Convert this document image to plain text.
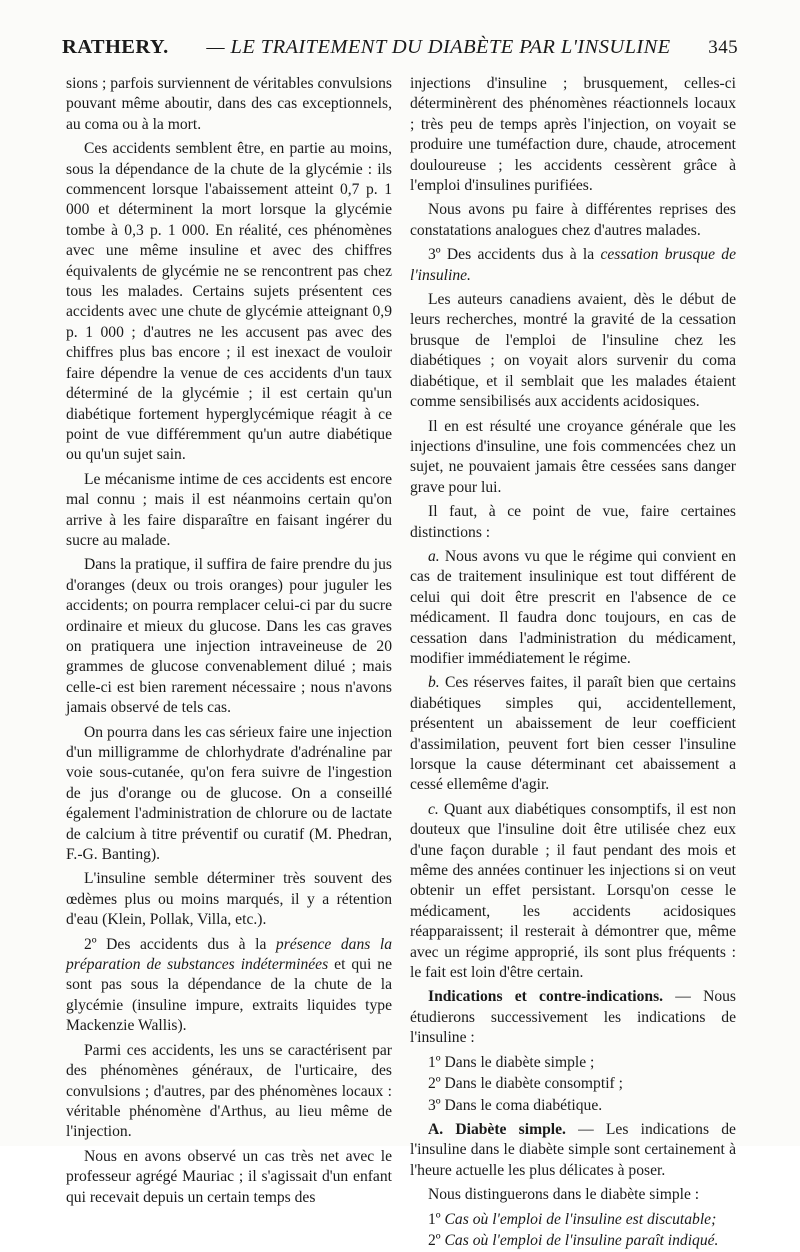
RATHERY.	— LE TRAITEMENT DU DIABÈTE PAR L'INSULINE	345

sions ; parfois surviennent de véritables convulsions pouvant même aboutir, dans des cas exceptionnels, au coma ou à la mort.

Ces accidents semblent être, en partie au moins, sous la dépendance de la chute de la glycémie : ils commencent lorsque l'abaissement atteint 0,7 p. 1 000 et déterminent la mort lorsque la glycémie tombe à 0,3 p. 1 000. En réalité, ces phénomènes avec une même insuline et avec des chiffres équivalents de glycémie ne se rencontrent pas chez tous les malades. Certains sujets présentent ces accidents avec une chute de glycémie atteignant 0,9 p. 1 000 ; d'autres ne les accusent pas avec des chiffres plus bas encore ; il est inexact de vouloir faire dépendre la venue de ces accidents d'un taux déterminé de la glycémie ; il est certain qu'un diabétique fortement hyperglycémique réagit à ce point de vue différemment qu'un autre diabétique ou qu'un sujet sain.

Le mécanisme intime de ces accidents est encore mal connu ; mais il est néanmoins certain qu'on arrive à les faire disparaître en faisant ingérer du sucre au malade.

Dans la pratique, il suffira de faire prendre du jus d'oranges (deux ou trois oranges) pour juguler les accidents; on pourra remplacer celui-ci par du sucre ordinaire et mieux du glucose. Dans les cas graves on pratiquera une injection intraveineuse de 20 grammes de glucose convenablement dilué ; mais celle-ci est bien rarement nécessaire ; nous n'avons jamais observé de tels cas.

On pourra dans les cas sérieux faire une injection d'un milligramme de chlorhydrate d'adrénaline par voie sous-cutanée, qu'on fera suivre de l'ingestion de jus d'orange ou de glucose. On a conseillé également l'administration de chlorure ou de lactate de calcium à titre préventif ou curatif (M. Phedran, F.-G. Banting).

L'insuline semble déterminer très souvent des œdèmes plus ou moins marqués, il y a rétention d'eau (Klein, Pollak, Villa, etc.).

2º Des accidents dus à la présence dans la préparation de substances indéterminées et qui ne sont pas sous la dépendance de la chute de la glycémie (insuline impure, extraits liquides type Mackenzie Wallis).

Parmi ces accidents, les uns se caractérisent par des phénomènes généraux, de l'urticaire, des convulsions ; d'autres, par des phénomènes locaux : véritable phénomène d'Arthus, au lieu même de l'injection.

Nous en avons observé un cas très net avec le professeur agrégé Mauriac ; il s'agissait d'un enfant qui recevait depuis un certain temps des

injections d'insuline ; brusquement, celles-ci déterminèrent des phénomènes réactionnels locaux ; très peu de temps après l'injection, on voyait se produire une tuméfaction dure, chaude, atrocement douloureuse ; les accidents cessèrent grâce à l'emploi d'insulines purifiées.

Nous avons pu faire à différentes reprises des constatations analogues chez d'autres malades.

3º Des accidents dus à la cessation brusque de l'insuline.

Les auteurs canadiens avaient, dès le début de leurs recherches, montré la gravité de la cessation brusque de l'emploi de l'insuline chez les diabétiques ; on voyait alors survenir du coma diabétique, et il semblait que les malades étaient comme sensibilisés aux accidents acidosiques.

Il en est résulté une croyance générale que les injections d'insuline, une fois commencées chez un sujet, ne pouvaient jamais être cessées sans danger grave pour lui.

Il faut, à ce point de vue, faire certaines distinctions :

a. Nous avons vu que le régime qui convient en cas de traitement insulinique est tout différent de celui qui doit être prescrit en l'absence de ce médicament. Il faudra donc toujours, en cas de cessation dans l'administration du médicament, modifier immédiatement le régime.

b. Ces réserves faites, il paraît bien que certains diabétiques simples qui, accidentellement, présentent un abaissement de leur coefficient d'assimilation, peuvent fort bien cesser l'insuline lorsque la cause déterminant cet abaissement a cessé ellemême d'agir.

c. Quant aux diabétiques consomptifs, il est non douteux que l'insuline doit être utilisée chez eux d'une façon durable ; il faut pendant des mois et même des années continuer les injections si on veut obtenir un effet persistant. Lorsqu'on cesse le médicament, les accidents acidosiques réapparaissent; il resterait à démontrer que, même avec un régime approprié, ils sont plus fréquents : le fait est loin d'être certain.

Indications et contre-indications. — Nous étudierons successivement les indications de l'insuline :

1º Dans le diabète simple ;
2º Dans le diabète consomptif ;
3º Dans le coma diabétique.

A. Diabète simple. — Les indications de l'insuline dans le diabète simple sont certainement à l'heure actuelle les plus délicates à poser.

Nous distinguerons dans le diabète simple :

1º Cas où l'emploi de l'insuline est discutable;
2º Cas où l'emploi de l'insuline paraît indiqué.
